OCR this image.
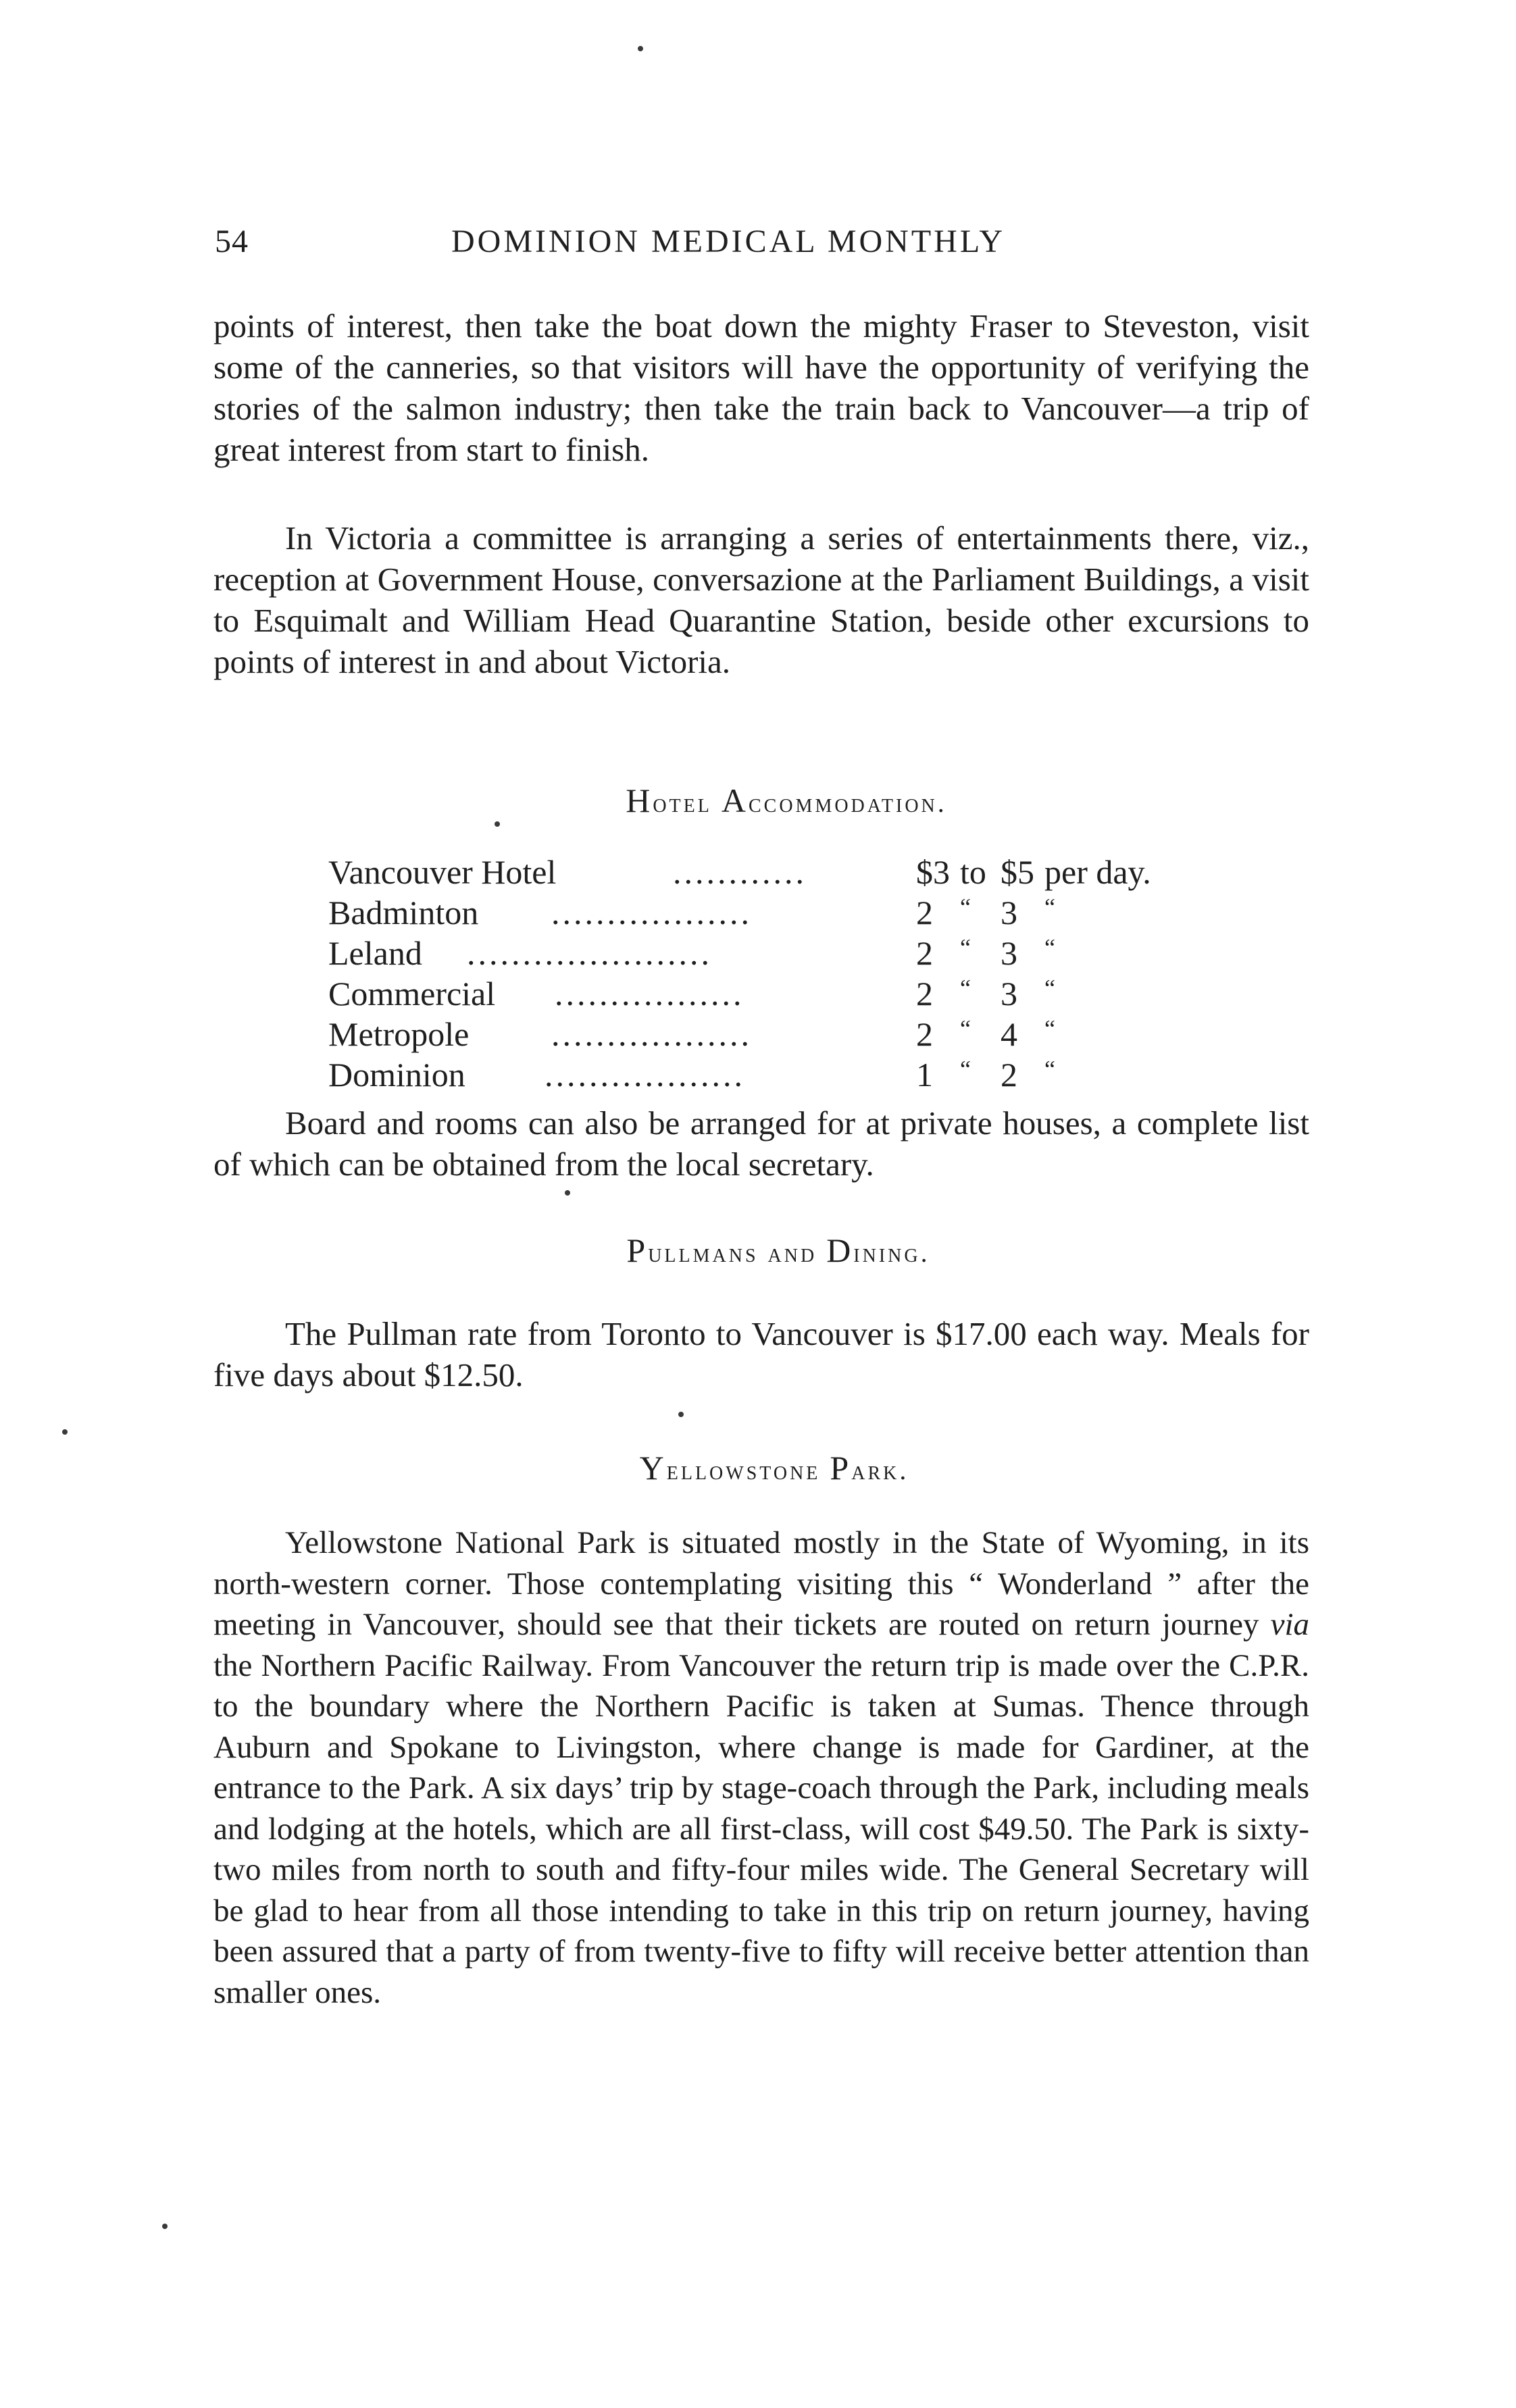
54	DOMINION MEDICAL MONTHLY

points of interest, then take the boat down the mighty Fraser to Steveston, visit some of the canneries, so that visitors will have the opportunity of verifying the stories of the salmon industry; then take the train back to Vancouver—a trip of great interest from start to finish.

In Victoria a committee is arranging a series of entertainments there, viz., reception at Government House, conversazione at the Parliament Buildings, a visit to Esquimalt and William Head Quarantine Station, beside other excursions to points of interest in and about Victoria.

Hotel Accommodation.
Vancouver Hotel	............	$3 to $5 per day.
Badminton ..................	2 “ 3 “
Leland ......................	2 “ 3 “
Commercial .................	2 “ 3 “
Metropole ..................	2 “ 4 “
Dominion ..................	1 “ 2 “

Board and rooms can also be arranged for at private houses, a complete list of which can be obtained from the local secretary.

Pullmans and Dining.

The Pullman rate from Toronto to Vancouver is $17.00 each way. Meals for five days about $12.50.

Yellowstone Park.

Yellowstone National Park is situated mostly in the State of Wyoming, in its north-western corner. Those contemplating visiting this “ Wonderland ” after the meeting in Vancouver, should see that their tickets are routed on return journey via the Northern Pacific Railway. From Vancouver the return trip is made over the C.P.R. to the boundary where the Northern Pacific is taken at Sumas. Thence through Auburn and Spokane to Livingston, where change is made for Gardiner, at the entrance to the Park. A six days’ trip by stage-coach through the Park, including meals and lodging at the hotels, which are all first-class, will cost $49.50. The Park is sixty-two miles from north to south and fifty-four miles wide. The General Secretary will be glad to hear from all those intending to take in this trip on return journey, having been assured that a party of from twenty-five to fifty will receive better attention than smaller ones.
